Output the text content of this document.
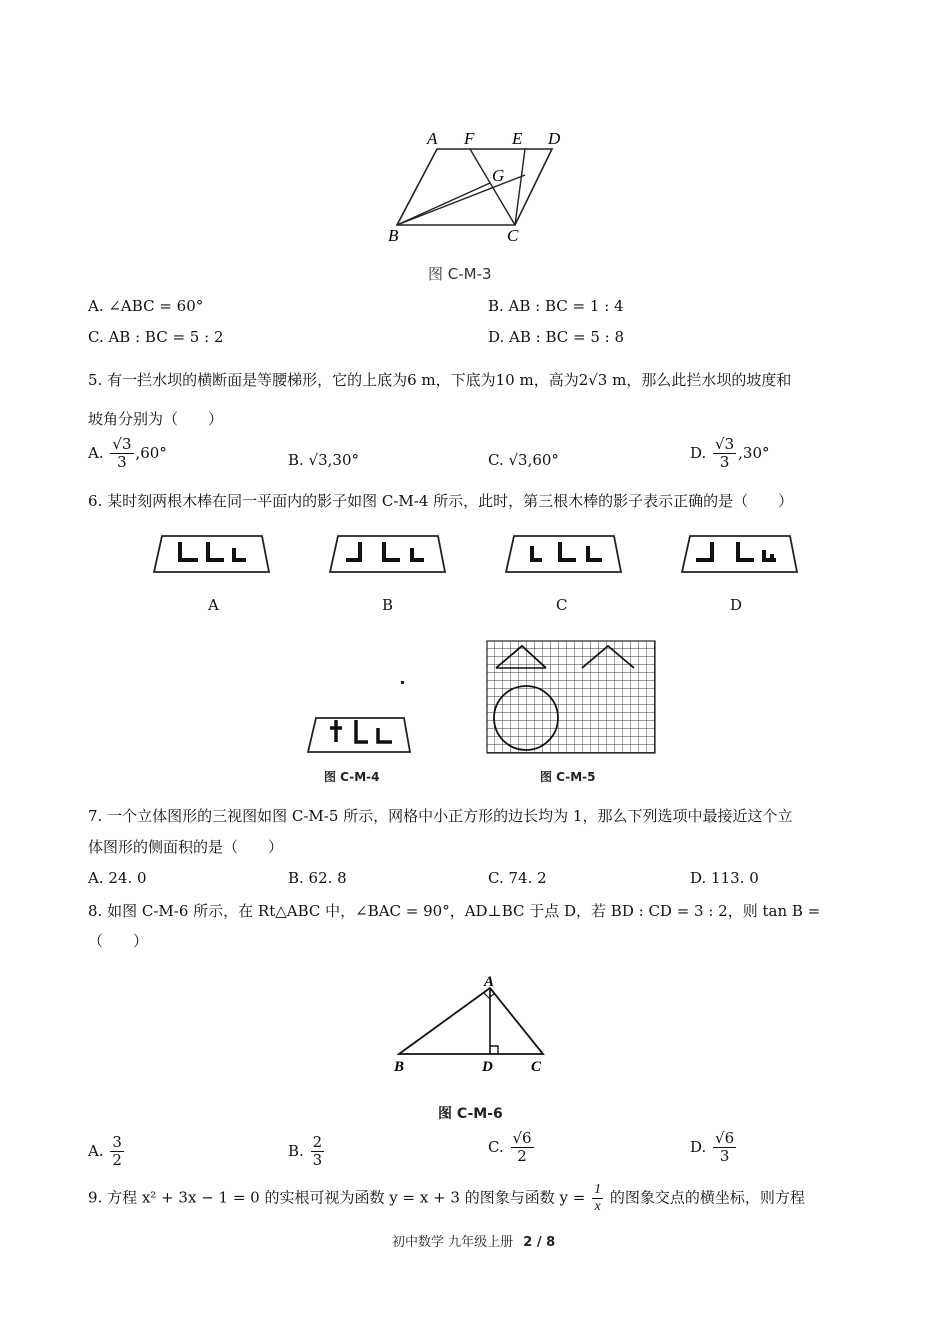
A F E D
G
B	C
图 C-M-3
A. ∠ABC = 60°	B. AB : BC = 1 : 4
C. AB : BC = 5 : 2	D. AB : BC = 5 : 8
5. 有一拦水坝的横断面是等腰梯形，它的上底为6 m，下底为10 m，高为2√3 m，那么此拦水坝的坡度和
坡角分别为（　　）
A. $\frac{√3}{3} ,60^\circ$	B. √3,30°	C. √3,60°	D. $\frac{√3}{3} ,30^\circ$
6. 某时刻两根木棒在同一平面内的影子如图 C-M-4 所示，此时，第三根木棒的影子表示正确的是（　　）
A	B	C	D
图 C-M-4	图 C-M-5
7. 一个立体图形的三视图如图 C-M-5 所示，网格中小正方形的边长均为 1，那么下列选项中最接近这个立
体图形的侧面积的是（　　）
A. 24. 0	B. 62. 8	C. 74. 2	D. 113. 0
8. 如图 C-M-6 所示，在 Rt△ABC 中，∠BAC = 90°，AD⊥BC 于点 D，若 BD : CD = 3 : 2，则 tan B =
（　　）
A
B	D	C
图 C-M-6
A. $\frac{3}{2}$	B. $\frac{2}{3}$	C. $\frac{√6}{2}$	D. $\frac{√6}{3}$
9. 方程 x² + 3x − 1 = 0 的实根可视为函数 y = x + 3 的图象与函数 $y = \frac{1}{x}$ 的图象交点的横坐标，则方程
初中数学 九年级上册 2 / 8
